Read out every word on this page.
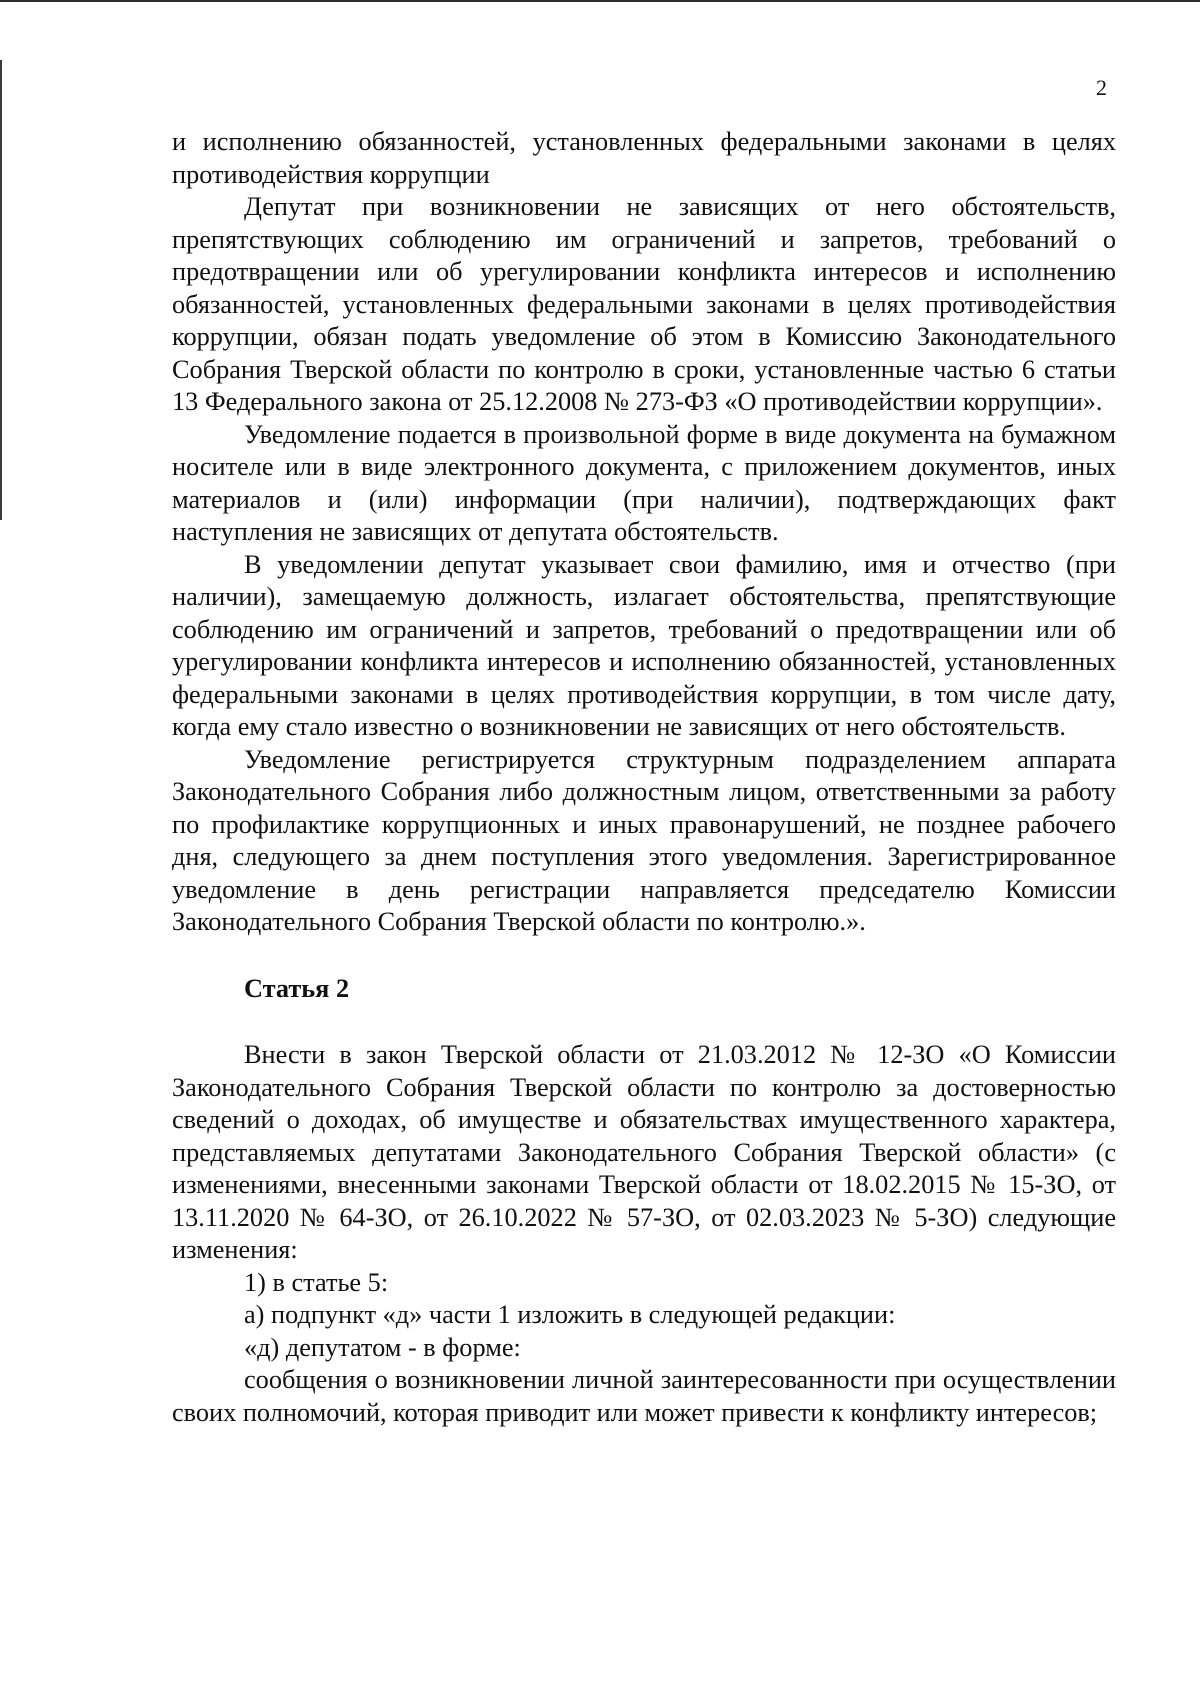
2

и исполнению обязанностей, установленных федеральными законами в целях противодействия коррупции

Депутат при возникновении не зависящих от него обстоятельств, препятствующих соблюдению им ограничений и запретов, требований о предотвращении или об урегулировании конфликта интересов и исполнению обязанностей, установленных федеральными законами в целях противодействия коррупции, обязан подать уведомление об этом в Комиссию Законодательного Собрания Тверской области по контролю в сроки, установленные частью 6 статьи 13 Федерального закона от 25.12.2008 № 273-ФЗ «О противодействии коррупции».

Уведомление подается в произвольной форме в виде документа на бумажном носителе или в виде электронного документа, с приложением документов, иных материалов и (или) информации (при наличии), подтверждающих факт наступления не зависящих от депутата обстоятельств.

В уведомлении депутат указывает свои фамилию, имя и отчество (при наличии), замещаемую должность, излагает обстоятельства, препятствующие соблюдению им ограничений и запретов, требований о предотвращении или об урегулировании конфликта интересов и исполнению обязанностей, установленных федеральными законами в целях противодействия коррупции, в том числе дату, когда ему стало известно о возникновении не зависящих от него обстоятельств.

Уведомление регистрируется структурным подразделением аппарата Законодательного Собрания либо должностным лицом, ответственными за работу по профилактике коррупционных и иных правонарушений, не позднее рабочего дня, следующего за днем поступления этого уведомления. Зарегистрированное уведомление в день регистрации направляется председателю Комиссии Законодательного Собрания Тверской области по контролю.».

Статья 2

Внести в закон Тверской области от 21.03.2012 № 12-ЗО «О Комиссии Законодательного Собрания Тверской области по контролю за достоверностью сведений о доходах, об имуществе и обязательствах имущественного характера, представляемых депутатами Законодательного Собрания Тверской области» (с изменениями, внесенными законами Тверской области от 18.02.2015 № 15-ЗО, от 13.11.2020 № 64-ЗО, от 26.10.2022 № 57-ЗО, от 02.03.2023 № 5-ЗО) следующие изменения:

1) в статье 5:

а) подпункт «д» части 1 изложить в следующей редакции:

«д) депутатом - в форме:

сообщения о возникновении личной заинтересованности при осуществлении своих полномочий, которая приводит или может привести к конфликту интересов;
